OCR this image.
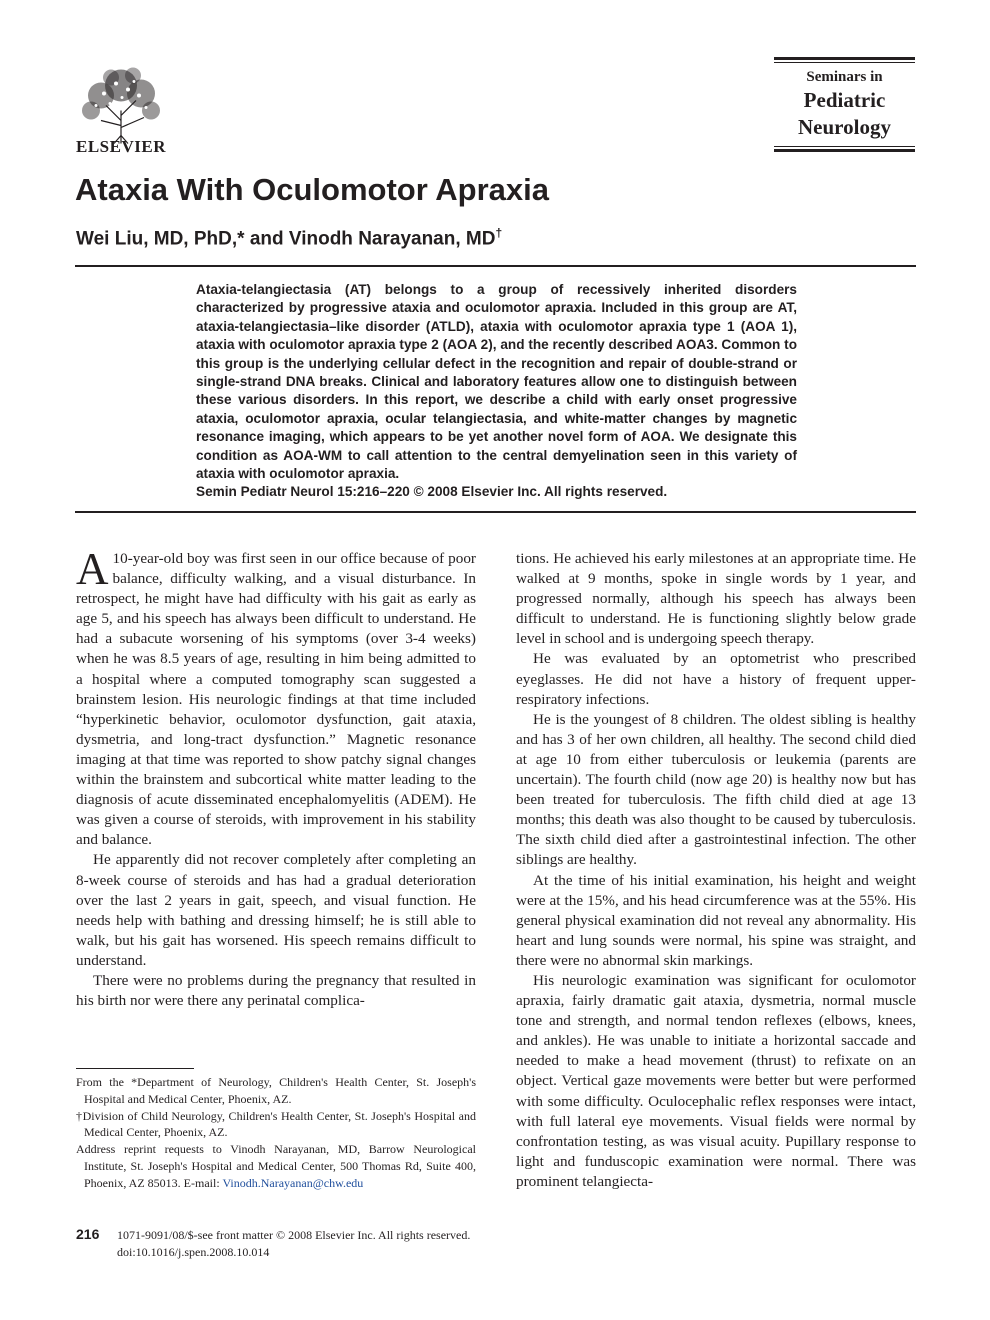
ELSEVIER
Seminars in
Pediatric
Neurology
Ataxia With Oculomotor Apraxia
Wei Liu, MD, PhD,* and Vinodh Narayanan, MD†

Ataxia-telangiectasia (AT) belongs to a group of recessively inherited disorders characterized by progressive ataxia and oculomotor apraxia. Included in this group are AT, ataxia-telangiectasia–like disorder (ATLD), ataxia with oculomotor apraxia type 1 (AOA 1), ataxia with oculomotor apraxia type 2 (AOA 2), and the recently described AOA3. Common to this group is the underlying cellular defect in the recognition and repair of double-strand or single-strand DNA breaks. Clinical and laboratory features allow one to distinguish between these various disorders. In this report, we describe a child with early onset progressive ataxia, oculomotor apraxia, ocular telangiectasia, and white-matter changes by magnetic resonance imaging, which appears to be yet another novel form of AOA. We designate this condition as AOA-WM to call attention to the central demyelination seen in this variety of ataxia with oculomotor apraxia.

Semin Pediatr Neurol 15:216–220 © 2008 Elsevier Inc. All rights reserved.

A 10-year-old boy was first seen in our office because of poor balance, difficulty walking, and a visual disturbance. In retrospect, he might have had difficulty with his gait as early as age 5, and his speech has always been difficult to understand. He had a subacute worsening of his symptoms (over 3-4 weeks) when he was 8.5 years of age, resulting in him being admitted to a hospital where a computed tomography scan suggested a brainstem lesion. His neurologic findings at that time included “hyperkinetic behavior, oculomotor dysfunction, gait ataxia, dysmetria, and long-tract dysfunction.” Magnetic resonance imaging at that time was reported to show patchy signal changes within the brainstem and subcortical white matter leading to the diagnosis of acute disseminated encephalomyelitis (ADEM). He was given a course of steroids, with improvement in his stability and balance.

He apparently did not recover completely after completing an 8-week course of steroids and has had a gradual deterioration over the last 2 years in gait, speech, and visual function. He needs help with bathing and dressing himself; he is still able to walk, but his gait has worsened. His speech remains difficult to understand.

There were no problems during the pregnancy that resulted in his birth nor were there any perinatal complica-

tions. He achieved his early milestones at an appropriate time. He walked at 9 months, spoke in single words by 1 year, and progressed normally, although his speech has always been difficult to understand. He is functioning slightly below grade level in school and is undergoing speech therapy.

He was evaluated by an optometrist who prescribed eyeglasses. He did not have a history of frequent upper-respiratory infections.

He is the youngest of 8 children. The oldest sibling is healthy and has 3 of her own children, all healthy. The second child died at age 10 from either tuberculosis or leukemia (parents are uncertain). The fourth child (now age 20) is healthy now but has been treated for tuberculosis. The fifth child died at age 13 months; this death was also thought to be caused by tuberculosis. The sixth child died after a gastrointestinal infection. The other siblings are healthy.

At the time of his initial examination, his height and weight were at the 15%, and his head circumference was at the 55%. His general physical examination did not reveal any abnormality. His heart and lung sounds were normal, his spine was straight, and there were no abnormal skin markings.

His neurologic examination was significant for oculomotor apraxia, fairly dramatic gait ataxia, dysmetria, normal muscle tone and strength, and normal tendon reflexes (elbows, knees, and ankles). He was unable to initiate a horizontal saccade and needed to make a head movement (thrust) to refixate on an object. Vertical gaze movements were better but were performed with some difficulty. Oculocephalic reflex responses were intact, with full lateral eye movements. Visual fields were normal by confrontation testing, as was visual acuity. Pupillary response to light and funduscopic examination were normal. There was prominent telangiecta-

From the *Department of Neurology, Children's Health Center, St. Joseph's Hospital and Medical Center, Phoenix, AZ.

†Division of Child Neurology, Children's Health Center, St. Joseph's Hospital and Medical Center, Phoenix, AZ.

Address reprint requests to Vinodh Narayanan, MD, Barrow Neurological Institute, St. Joseph's Hospital and Medical Center, 500 Thomas Rd, Suite 400, Phoenix, AZ 85013. E-mail: Vinodh.Narayanan@chw.edu

216 1071-9091/08/$-see front matter © 2008 Elsevier Inc. All rights reserved.
doi:10.1016/j.spen.2008.10.014
